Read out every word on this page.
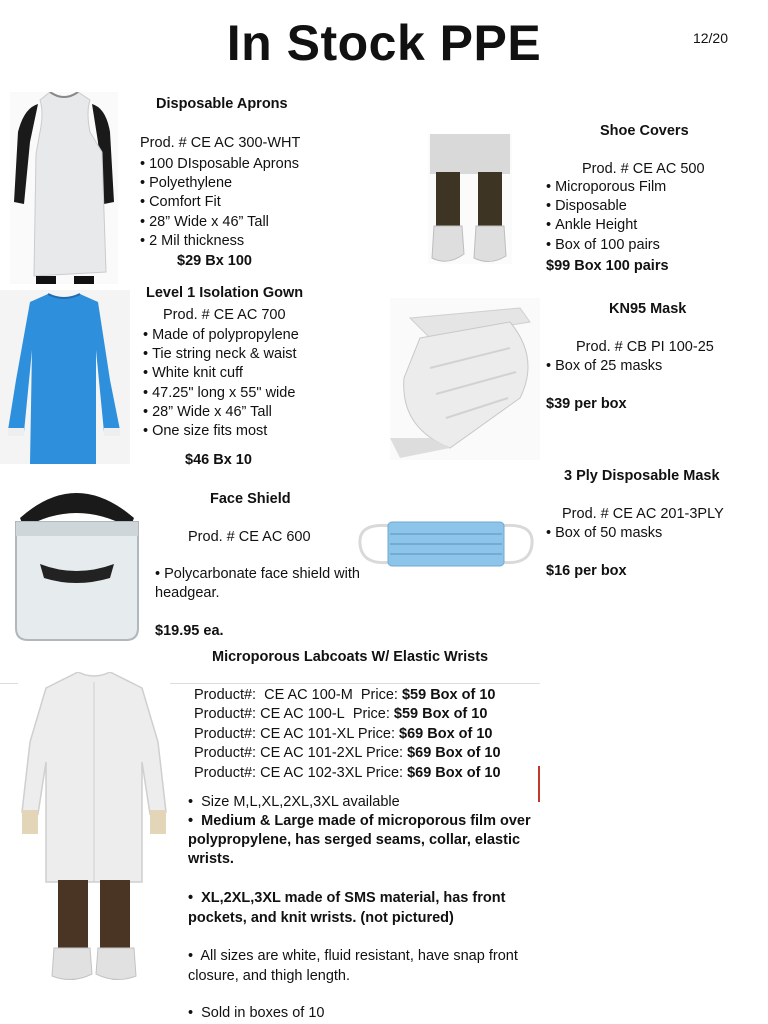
In Stock PPE	12/20
Disposable Aprons
Prod. # CE AC 300-WHT
• 100 DIsposable Aprons
• Polyethylene
• Comfort Fit
• 28” Wide x 46” Tall
• 2 Mil thickness
$29 Bx 100
Shoe Covers
Prod. # CE AC 500
• Microporous Film
• Disposable
• Ankle Height
• Box of 100 pairs
$99 Box 100 pairs
Level 1 Isolation Gown
Prod. # CE AC 700
• Made of polypropylene
• Tie string neck & waist
• White knit cuff
• 47.25" long x 55" wide
• 28” Wide x 46” Tall
• One size fits most
$46 Bx 10
KN95 Mask
Prod. # CB PI 100-25
• Box of 25 masks
$39 per box
3 Ply Disposable Mask
Prod. # CE AC 201-3PLY
• Box of 50 masks
$16 per box
Face Shield
Prod. # CE AC 600
• Polycarbonate face shield with headgear.
$19.95 ea.
Microporous Labcoats W/ Elastic Wrists
Product#: CE AC 100-M Price: $59 Box of 10
Product#: CE AC 100-L Price: $59 Box of 10
Product#: CE AC 101-XL Price: $69 Box of 10
Product#: CE AC 101-2XL Price: $69 Box of 10
Product#: CE AC 102-3XL Price: $69 Box of 10
• Size M,L,XL,2XL,3XL available
• Medium & Large made of microporous film over polypropylene, has serged seams, collar, elastic wrists.
• XL,2XL,3XL made of SMS material, has front pockets, and knit wrists. (not pictured)
• All sizes are white, fluid resistant, have snap front closure, and thigh length.
• Sold in boxes of 10
